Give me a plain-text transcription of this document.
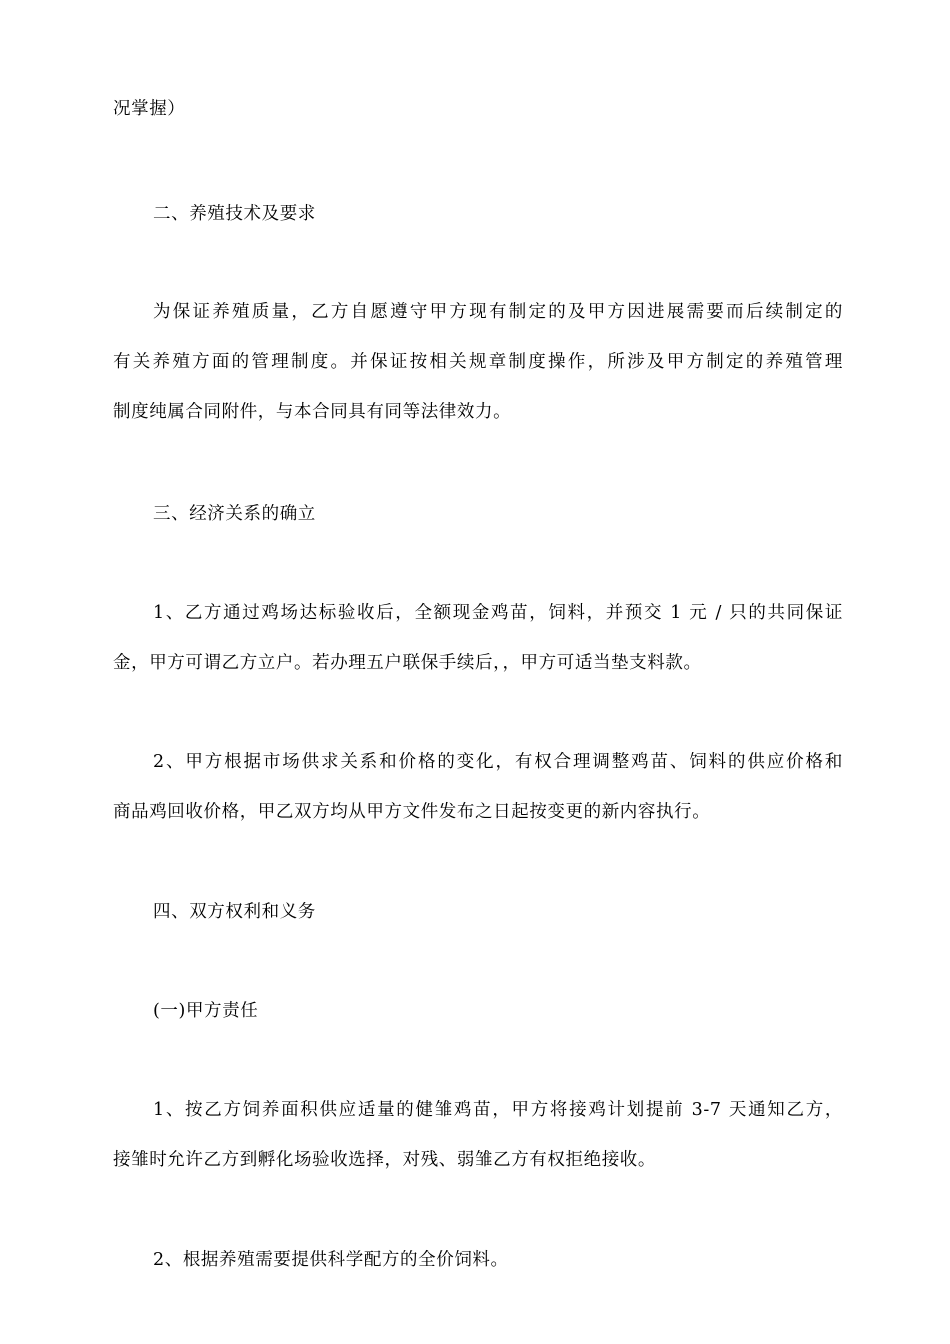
况掌握）
二、养殖技术及要求
为保证养殖质量，乙方自愿遵守甲方现有制定的及甲方因进展需要而后续制定的
有关养殖方面的管理制度。并保证按相关规章制度操作，所涉及甲方制定的养殖管理
制度纯属合同附件，与本合同具有同等法律效力。
三、经济关系的确立
1、乙方通过鸡场达标验收后，全额现金鸡苗，饲料，并预交 1 元 / 只的共同保证
金，甲方可谓乙方立户。若办理五户联保手续后，，甲方可适当垫支料款。
2、甲方根据市场供求关系和价格的变化，有权合理调整鸡苗、饲料的供应价格和
商品鸡回收价格，甲乙双方均从甲方文件发布之日起按变更的新内容执行。
四、双方权利和义务
(一)甲方责任
1、按乙方饲养面积供应适量的健雏鸡苗，甲方将接鸡计划提前 3-7 天通知乙方，
接雏时允许乙方到孵化场验收选择，对残、弱雏乙方有权拒绝接收。
2、根据养殖需要提供科学配方的全价饲料。
